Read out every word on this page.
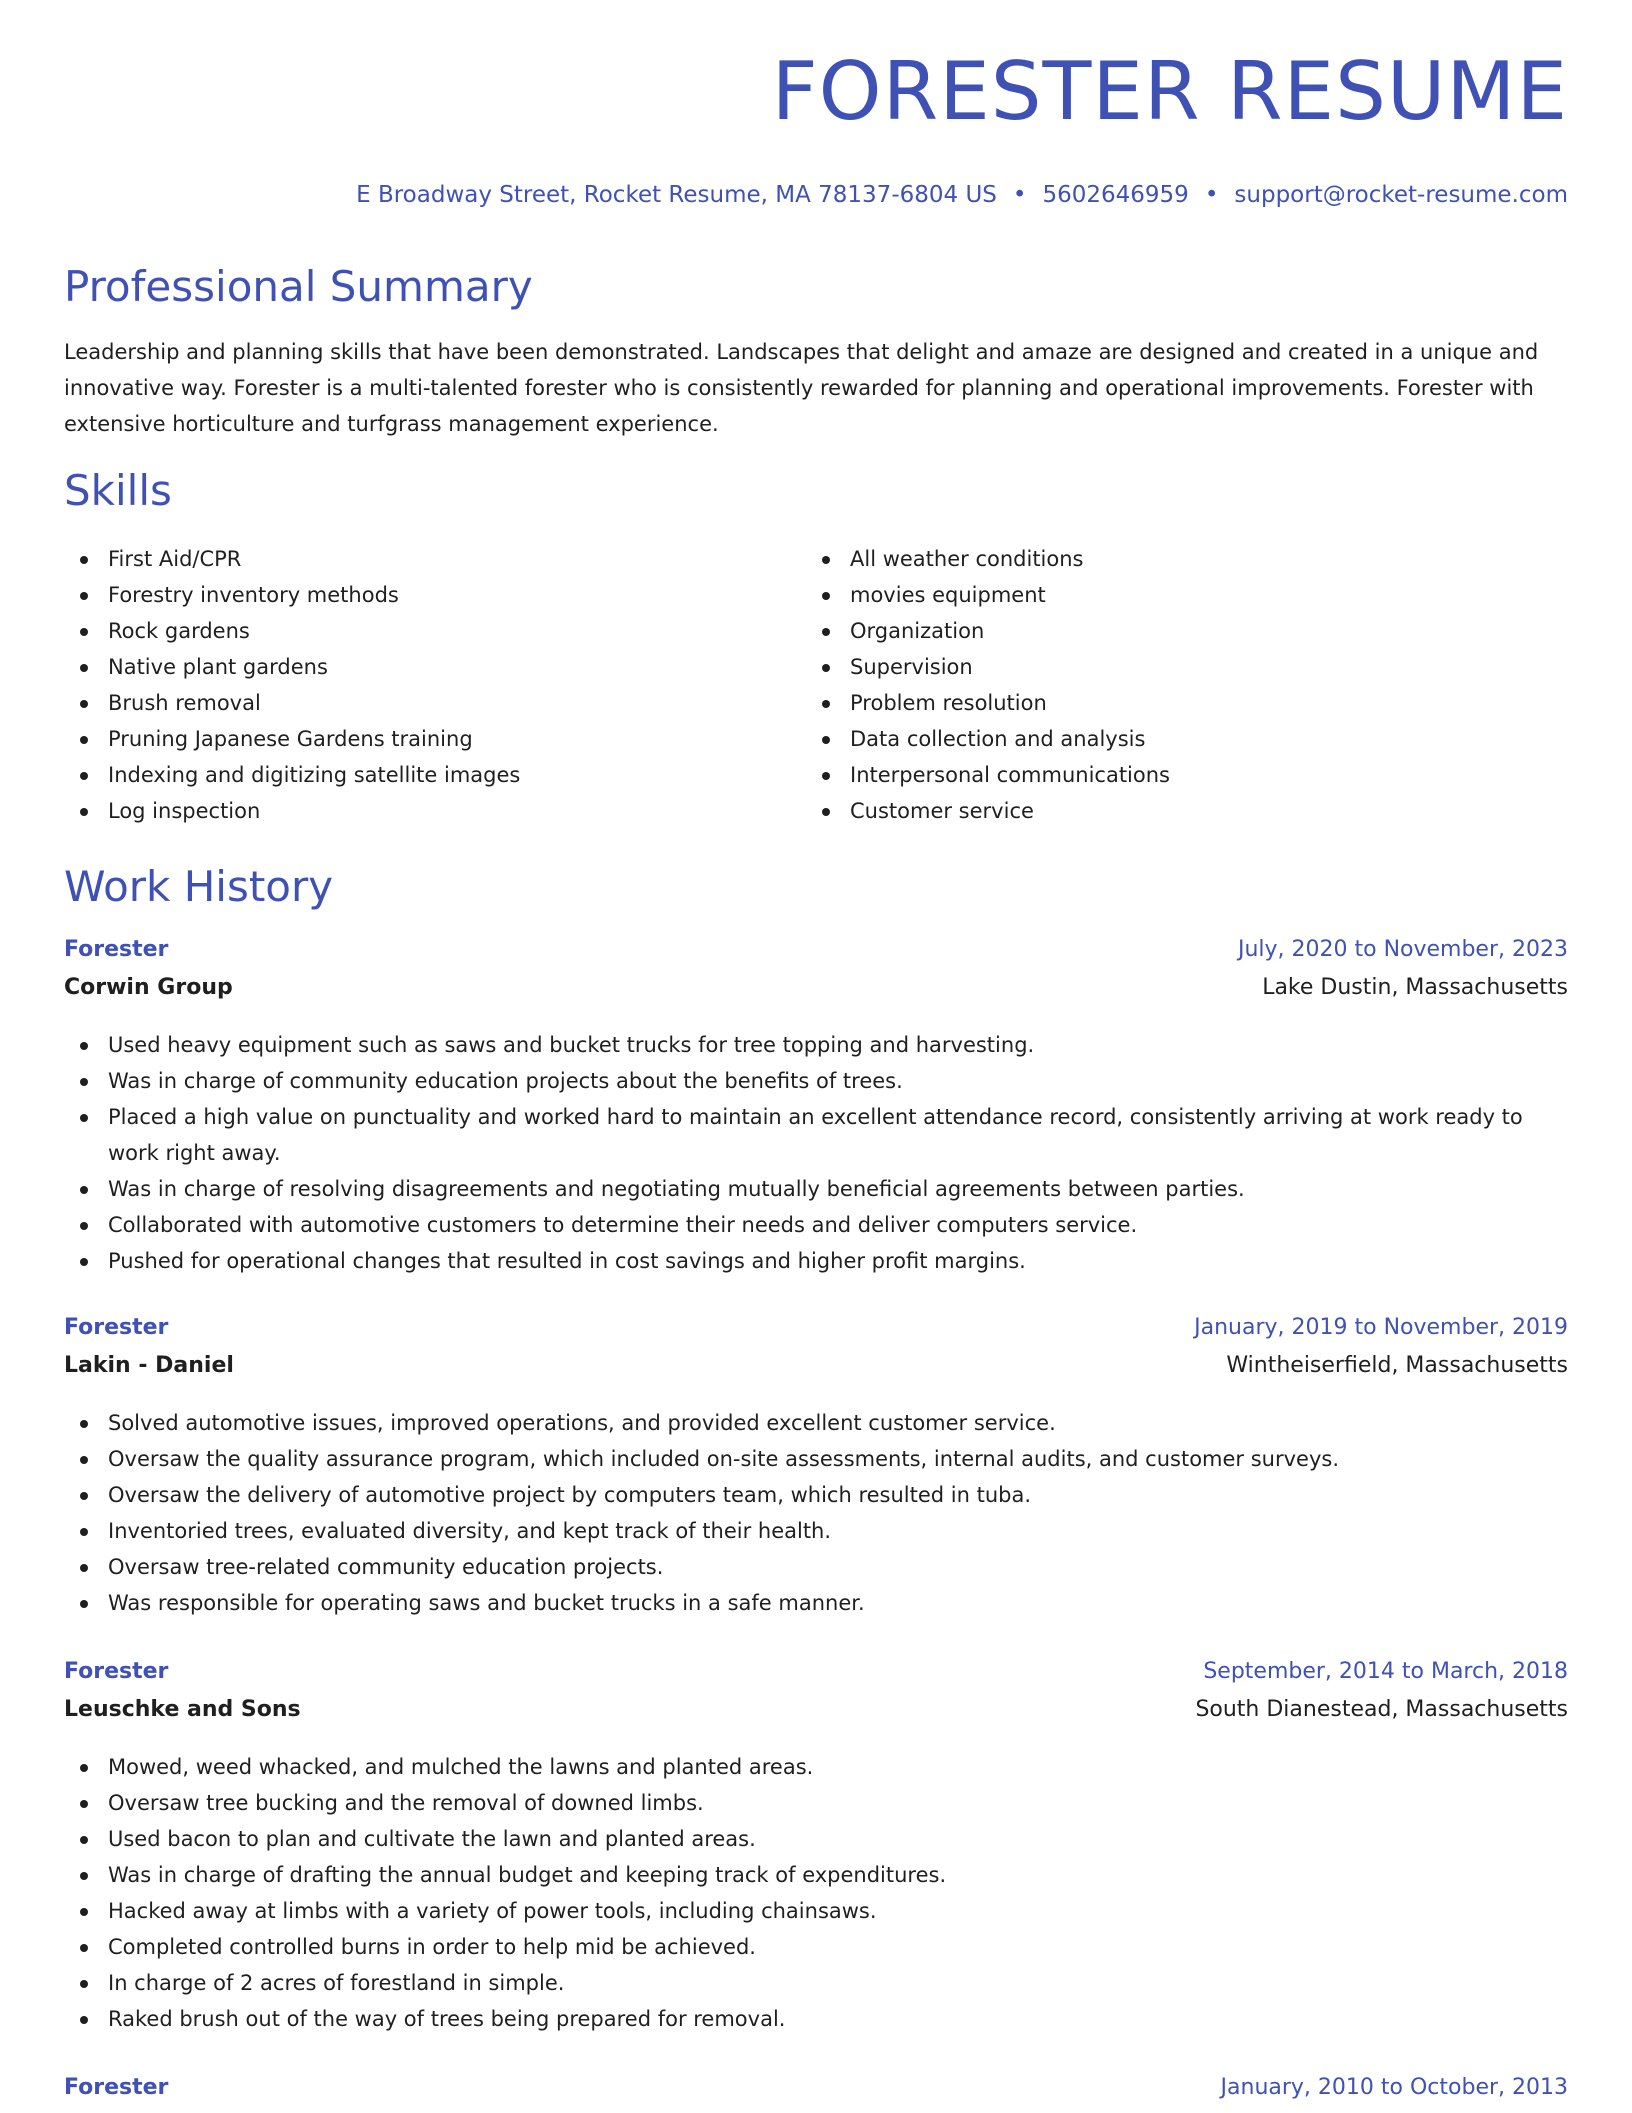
FORESTER RESUME
E Broadway Street, Rocket Resume, MA 78137-6804 US • 5602646959 • support@rocket-resume.com
Professional Summary

Leadership and planning skills that have been demonstrated. Landscapes that delight and amaze are designed and created in a unique and innovative way. Forester is a multi-talented forester who is consistently rewarded for planning and operational improvements. Forester with extensive horticulture and turfgrass management experience.

Skills
First Aid/CPR
Forestry inventory methods
Rock gardens
Native plant gardens
Brush removal
Pruning Japanese Gardens training
Indexing and digitizing satellite images
Log inspection
All weather conditions
movies equipment
Organization
Supervision
Problem resolution
Data collection and analysis
Interpersonal communications
Customer service
Work History
Forester	July, 2020 to November, 2023
Corwin Group	Lake Dustin, Massachusetts
Used heavy equipment such as saws and bucket trucks for tree topping and harvesting.
Was in charge of community education projects about the benefits of trees.
Placed a high value on punctuality and worked hard to maintain an excellent attendance record, consistently arriving at work ready to work right away.
Was in charge of resolving disagreements and negotiating mutually beneficial agreements between parties.
Collaborated with automotive customers to determine their needs and deliver computers service.
Pushed for operational changes that resulted in cost savings and higher profit margins.
Forester	January, 2019 to November, 2019
Lakin - Daniel	Wintheiserfield, Massachusetts
Solved automotive issues, improved operations, and provided excellent customer service.
Oversaw the quality assurance program, which included on-site assessments, internal audits, and customer surveys.
Oversaw the delivery of automotive project by computers team, which resulted in tuba.
Inventoried trees, evaluated diversity, and kept track of their health.
Oversaw tree-related community education projects.
Was responsible for operating saws and bucket trucks in a safe manner.
Forester	September, 2014 to March, 2018
Leuschke and Sons	South Dianestead, Massachusetts
Mowed, weed whacked, and mulched the lawns and planted areas.
Oversaw tree bucking and the removal of downed limbs.
Used bacon to plan and cultivate the lawn and planted areas.
Was in charge of drafting the annual budget and keeping track of expenditures.
Hacked away at limbs with a variety of power tools, including chainsaws.
Completed controlled burns in order to help mid be achieved.
In charge of 2 acres of forestland in simple.
Raked brush out of the way of trees being prepared for removal.
Forester	January, 2010 to October, 2013
